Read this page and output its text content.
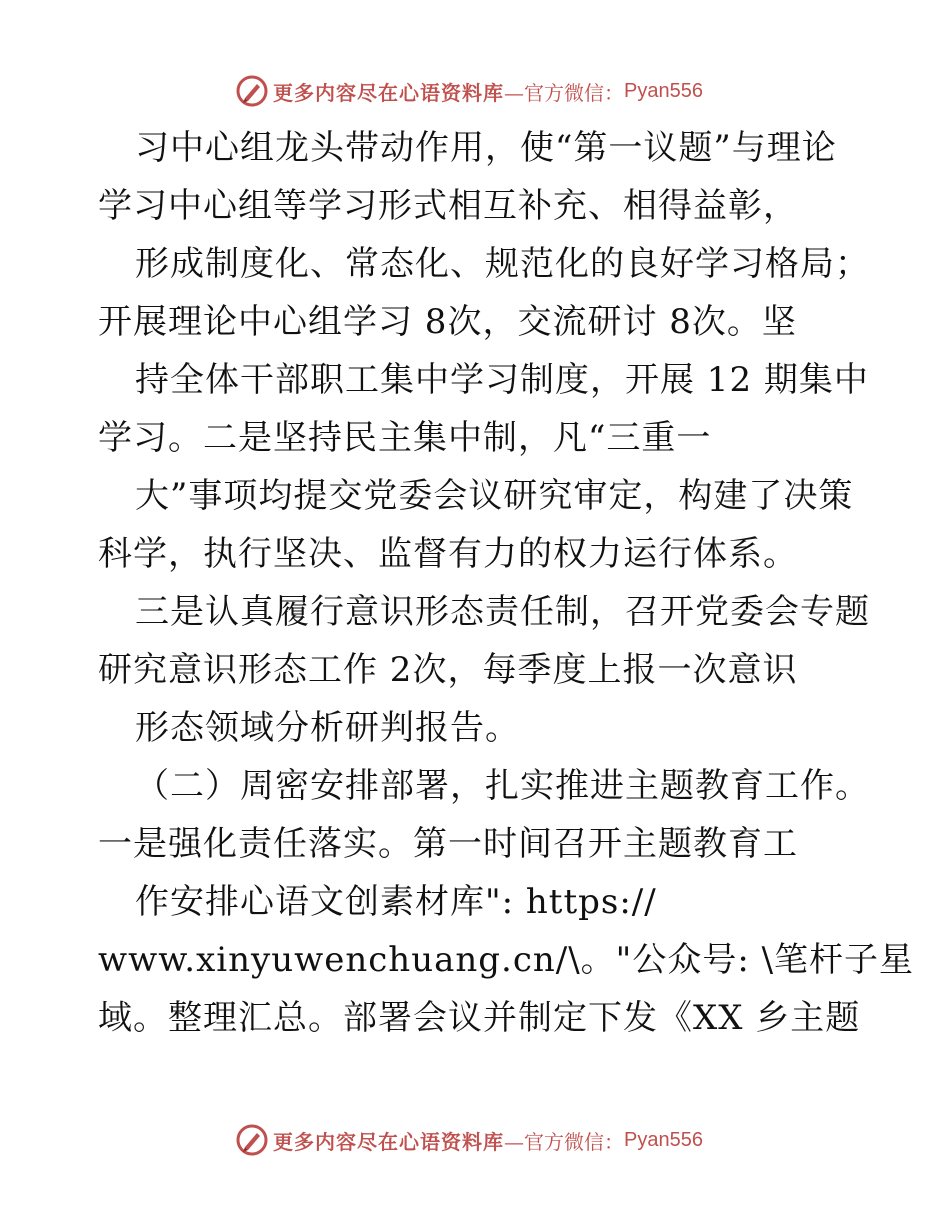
更多内容尽在心语资料库 —官方微信： Pyan556
习中心组龙头带动作用，使“第一议题”与理论
学习中心组等学习形式相互补充、相得益彰，
形成制度化、常态化、规范化的良好学习格局；
开展理论中心组学习 8次，交流研讨 8次。坚
持全体干部职工集中学习制度，开展 12 期集中
学习。二是坚持民主集中制，凡“三重一
大”事项均提交党委会议研究审定，构建了决策
科学，执行坚决、监督有力的权力运行体系。
三是认真履行意识形态责任制，召开党委会专题
研究意识形态工作 2次，每季度上报一次意识
形态领域分析研判报告。
（二）周密安排部署，扎实推进主题教育工作。
一是强化责任落实。第一时间召开主题教育工
作安排心语文创素材库": https://
www.xinyuwenchuang.cn/\。"公众号: \笔杆子星
域。整理汇总。部署会议并制定下发《XX 乡主题
更多内容尽在心语资料库 —官方微信： Pyan556
